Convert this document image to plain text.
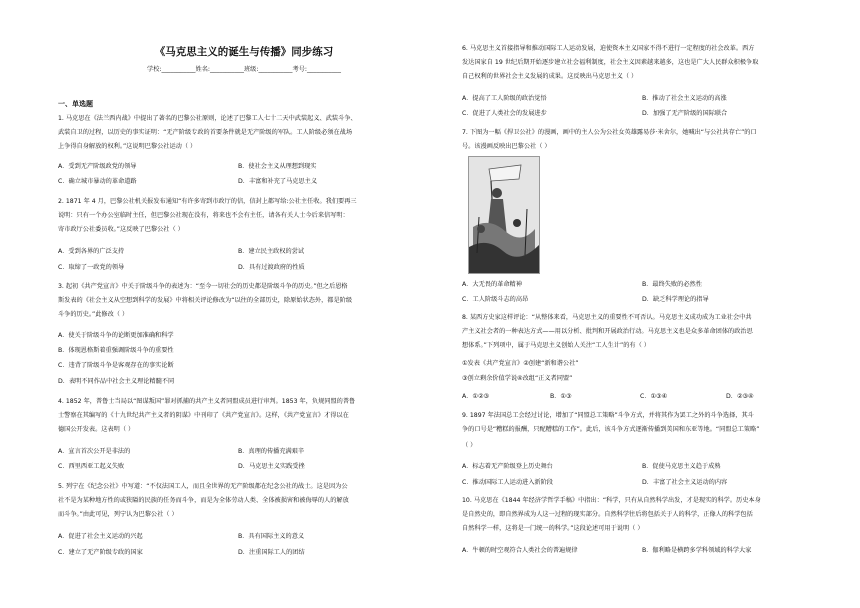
《马克思主义的诞生与传播》同步练习
学校:___________姓名:___________班级:___________考号:___________
一、单选题
1. 马克思在《法兰西内战》中提出了著名的巴黎公社原则，论述了巴黎工人七十二天中武装起义、武装斗争、
武装自卫的过程，以历史的事实证明：“无产阶级专政的首要条件就是无产阶级的军队。工人阶级必须在战场
上争得自身解放的权利。”这说明巴黎公社运动（ ）
A．受到无产阶级政党的领导	B．使社会主义从理想到现实
C．确立城市暴动的革命道路	D．丰富和补充了马克思主义
2. 1871 年 4 月，巴黎公社机关报发布通知“有许多寄到市政厅的信，信封上都写给:公社主任收。我们要再三
说明：只有一个办公室临时主任，但巴黎公社现在没有，将来也不会有主任，请各有关人士今后来信写明：
寄市政厅公社委员收。”这反映了巴黎公社（ ）
A．受到各界的广泛支持	B．建立民主政权的尝试
C．取缔了一政党的领导	D．具有过渡政府的性质
3. 起初《共产党宣言》中关于阶级斗争的表述为：“至今一切社会的历史都是阶级斗争的历史。”但之后恩格
斯发表的《社会主义从空想到科学的发展》中将相关评论修改为“以往的全部历史，除原始状态外，都是阶级
斗争的历史。”此修改（ ）
A．使关于阶级斗争的论断更加准确和科学
B．体现恩格斯着重强调阶级斗争的重要性
C．违背了阶级斗争是客观存在的事实论断
D．表明不同作品中社会主义理论精髓不同
4. 1852 年，普鲁士当局以“图谋叛国”罪对抓捕的共产主义者同盟成员进行审判。1853 年，负规同盟的普鲁
士警察在其编写的《十九世纪共产主义者的阴谋》中刊印了《共产党宣言》。这样，《共产党宣言》才得以在
德国公开发表。这表明（ ）
A．宣言首次公开是非法的	B．真理的传播充满艰辛
C．西里西亚工起义失败	D．马克思主义实践受挫
5. 列宁在《纪念公社》中写道：“不仅法国工人，而且全世界的无产阶级都在纪念公社的战士。这是因为公
社不是为某种地方性的或狭隘的民族的任务而斗争，而是为全体劳动人类、全体被损害和被侮辱的人的解放
而斗争。”由此可见，列宁认为巴黎公社（ ）
A．促进了社会主义运动的兴起	B．具有国际主义的意义
C．建立了无产阶级专政的国家	D．注重国际工人的团结
6. 马克思主义首接指导和推动国际工人运动发展，迫使资本主义国家不得不进行一定程度的社会改革。西方
发达国家自 19 世纪后期开始逐步建立社会福利制度，社会主义因素越来越多，这也是广大人民群众积极争取
自己权利的世界社会主义发展的成果。这反映出马克思主义（ ）
A．提高了工人阶级的政治觉悟	B．推动了社会主义运动的高涨
C．促进了人类社会的发展进步	D．加强了无产阶级的国际联合
7. 下图为一幅《捍卫公社》的漫画，画中的主人公为公社女英雄露易莎·米舍尔，她喊出“与公社共存亡”的口
号。该漫画反映出巴黎公社（ ）
A．大无畏的革命精神	B．最终失败的必然性
C．工人阶级斗志的高昂	D．缺乏科学理论的指导
8. 某西方史家这样评论：“从整体来看，马克思主义的重要性不可否认。马克思主义成功成为工业社会中共
产主义社会者的一种表达方式——用以分析、批判和开展政治行动。马克思主义也是众多革命团体的政治思
想体系。”下列项中，属于马克思主义创始人关注“工人生计”的有（ ）
①发表《共产党宣言》②创建“新和谐公社”
③创立剩余价值学说④改组“正义者同盟”
A．①②③	B．①③	C．①③④	D．②③④
9. 1897 年法国总工会经过讨论，增加了“同盟总工策略”斗争方式，并将其作为罢工之外的斗争选择，其斗
争的口号是“糟糕的报酬，只配糟糕的工作”。此后，该斗争方式逐渐传播到美国和东亚等地。“同盟总工策略”
（ ）
A．标志着无产阶级登上历史舞台	B．促使马克思主义趋于成熟
C．推动国际工人运动进入新阶段	D．丰富了社会主义运动的内容
10. 马克思在《1844 年经济学哲学手稿》中指出：“科学，只有从自然科学出发，才是现实的科学。历史本身
是自然史的，即自然界成为人这一过程的现实部分。自然科学往后将包括关于人的科学，正像人的科学包括
自然科学一样，这将是一门统一的科学。”这段论述可用于说明（ ）
A．牛顿的时空观符合人类社会的普遍规律	B．伽利略是横跨多学科领域的科学大家
